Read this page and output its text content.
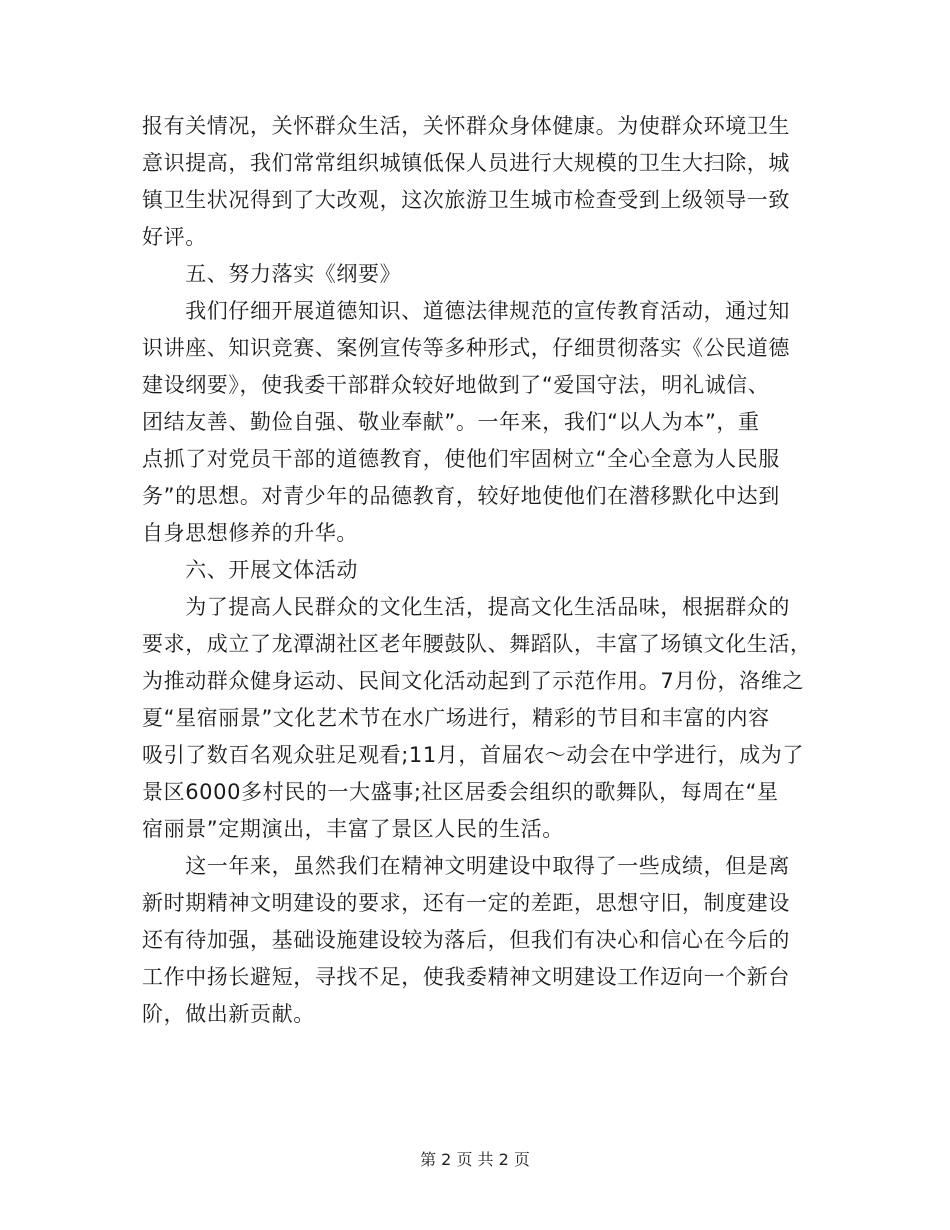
报有关情况，关怀群众生活，关怀群众身体健康。为使群众环境卫生
意识提高，我们常常组织城镇低保人员进行大规模的卫生大扫除，城
镇卫生状况得到了大改观，这次旅游卫生城市检查受到上级领导一致
好评。
　　五、努力落实《纲要》
　　我们仔细开展道德知识、道德法律规范的宣传教育活动，通过知
识讲座、知识竞赛、案例宣传等多种形式，仔细贯彻落实《公民道德
建设纲要》，使我委干部群众较好地做到了“爱国守法，明礼诚信、
团结友善、勤俭自强、敬业奉献”。一年来，我们“以人为本”，重
点抓了对党员干部的道德教育，使他们牢固树立“全心全意为人民服
务”的思想。对青少年的品德教育，较好地使他们在潜移默化中达到
自身思想修养的升华。
　　六、开展文体活动
　　为了提高人民群众的文化生活，提高文化生活品味，根据群众的
要求，成立了龙潭湖社区老年腰鼓队、舞蹈队，丰富了场镇文化生活，
为推动群众健身运动、民间文化活动起到了示范作用。7月份，洛维之
夏“星宿丽景”文化艺术节在水广场进行，精彩的节目和丰富的内容
吸引了数百名观众驻足观看;11月，首届农～动会在中学进行，成为了
景区6000多村民的一大盛事;社区居委会组织的歌舞队，每周在“星
宿丽景”定期演出，丰富了景区人民的生活。
　　这一年来，虽然我们在精神文明建设中取得了一些成绩，但是离
新时期精神文明建设的要求，还有一定的差距，思想守旧，制度建设
还有待加强，基础设施建设较为落后，但我们有决心和信心在今后的
工作中扬长避短，寻找不足，使我委精神文明建设工作迈向一个新台
阶，做出新贡献。
第 2 页 共 2 页
